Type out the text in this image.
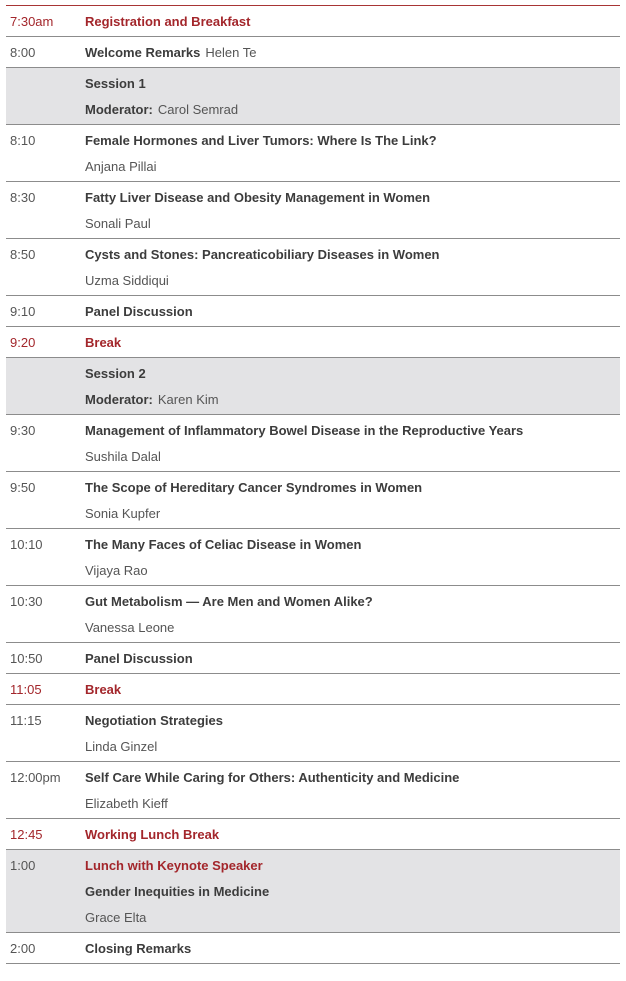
7:30am Registration and Breakfast
8:00	Welcome Remarks Helen Te
Session 1
Moderator: Carol Semrad
8:10	Female Hormones and Liver Tumors: Where Is The Link?
Anjana Pillai
8:30	Fatty Liver Disease and Obesity Management in Women
Sonali Paul
8:50	Cysts and Stones: Pancreaticobiliary Diseases in Women
Uzma Siddiqui
9:10	Panel Discussion
9:20	Break
Session 2
Moderator: Karen Kim
9:30	Management of Inflammatory Bowel Disease in the Reproductive Years
Sushila Dalal
9:50	The Scope of Hereditary Cancer Syndromes in Women
Sonia Kupfer
10:10	The Many Faces of Celiac Disease in Women
Vijaya Rao
10:30	Gut Metabolism — Are Men and Women Alike?
Vanessa Leone
10:50	Panel Discussion
11:05	Break
11:15	Negotiation Strategies
Linda Ginzel
12:00pm Self Care While Caring for Others: Authenticity and Medicine
Elizabeth Kieff
12:45	Working Lunch Break
1:00	Lunch with Keynote Speaker
Gender Inequities in Medicine
Grace Elta
2:00	Closing Remarks
